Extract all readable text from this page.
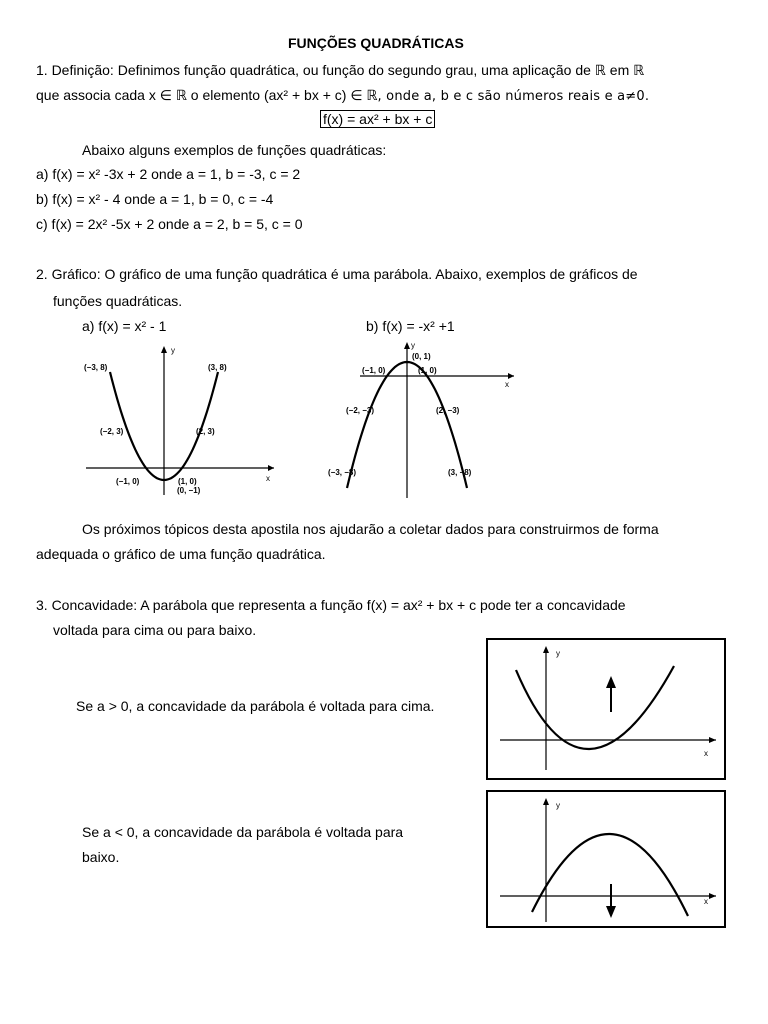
FUNÇÕES QUADRÁTICAS
1. Definição: Definimos função quadrática, ou função do segundo grau, uma aplicação de ℝ em ℝ
que associa cada x ∈ ℝ o elemento (ax² + bx + c) ∈ ℝ, onde a, b e c são números reais e a≠0.
f(x) = ax² + bx + c
Abaixo alguns exemplos de funções quadráticas:
a) f(x) = x² -3x + 2 onde a = 1, b = -3, c = 2
b) f(x) = x² - 4 onde a = 1, b = 0, c = -4
c) f(x) = 2x² -5x + 2 onde a = 2, b = 5, c = 0
2. Gráfico: O gráfico de uma função quadrática é uma parábola. Abaixo, exemplos de gráficos de
funções quadráticas.
a) f(x) = x² - 1	b) f(x) = -x² +1
y
x
(−3, 8)	(3, 8)
(−2, 3)	(2, 3)
(−1, 0)	(1, 0)
(0, −1)
y
x
(0, 1)
(−1, 0)	(1, 0)
(−2, −3)	(2, −3)
(−3, −8)	(3, −8)
Os próximos tópicos desta apostila nos ajudarão a coletar dados para construirmos de forma
adequada o gráfico de uma função quadrática.
3. Concavidade: A parábola que representa a função f(x) = ax² + bx + c pode ter a concavidade
voltada para cima ou para baixo.
Se a > 0, a concavidade da parábola é voltada para cima.
Se a < 0, a concavidade da parábola é voltada para
baixo.
y
x
y
x
